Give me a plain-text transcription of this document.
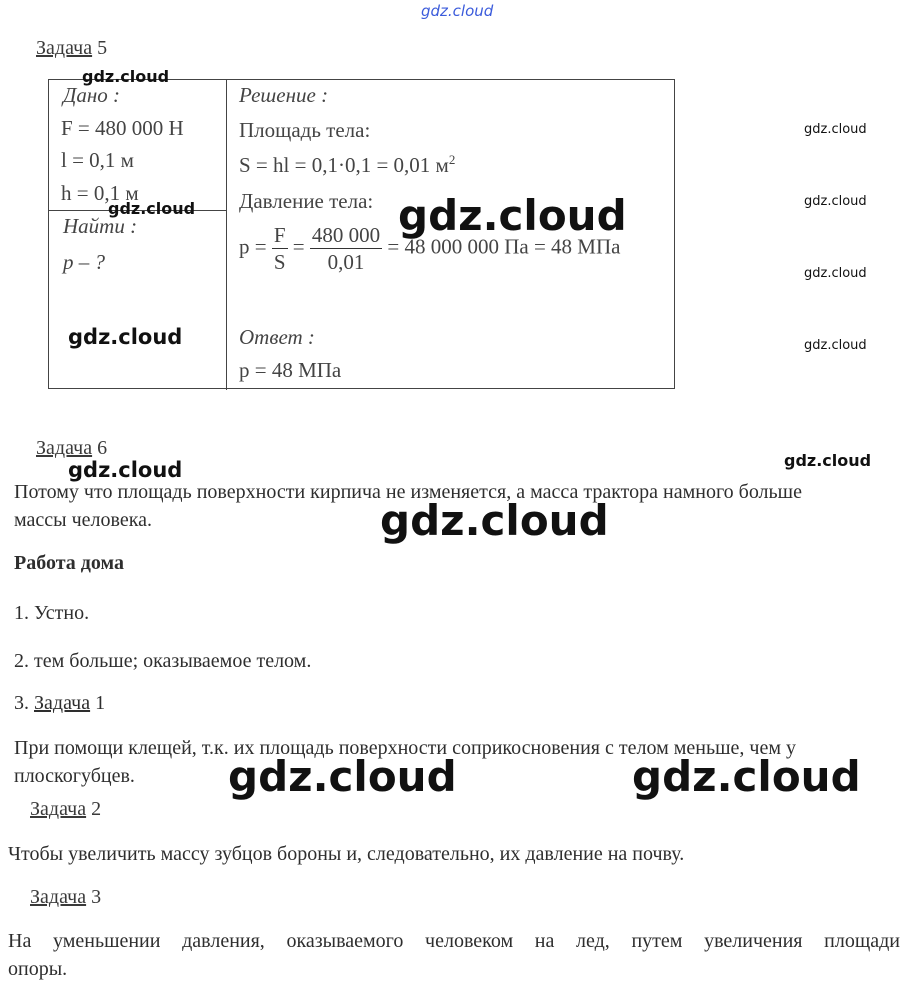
gdz.cloud
Задача 5
Дано :
F = 480 000 Н
l = 0,1 м
h = 0,1 м
Найти :
p – ?
Решение :
Площадь тела:
S = hl = 0,1·0,1 = 0,01 $м^2$
Давление тела:
$p = \frac{F}{S} = \frac{480 000}{0,01} = 48$ 000 000 Па = 48 МПа
Ответ :
p = 48 МПа
Задача 6
Потому что площадь поверхности кирпича не изменяется, а масса трактора намного больше
массы человека.
Работа дома
1. Устно.
2. тем больше; оказываемое телом.
3. Задача 1
При помощи клещей, т.к. их площадь поверхности соприкосновения с телом меньше, чем у
плоскогубцев.
Задача 2
Чтобы увеличить массу зубцов бороны и, следовательно, их давление на почву.
Задача 3
На уменьшении давления, оказываемого человеком на лед, путем увеличения площади
опоры.
gdz.cloud
gdz.cloud
gdz.cloud
gdz.cloud
gdz.cloud
gdz.cloud
gdz.cloud	gdz.cloud
gdz.cloud
gdz.cloud
gdz.cloud
gdz.cloud
gdz.cloud
